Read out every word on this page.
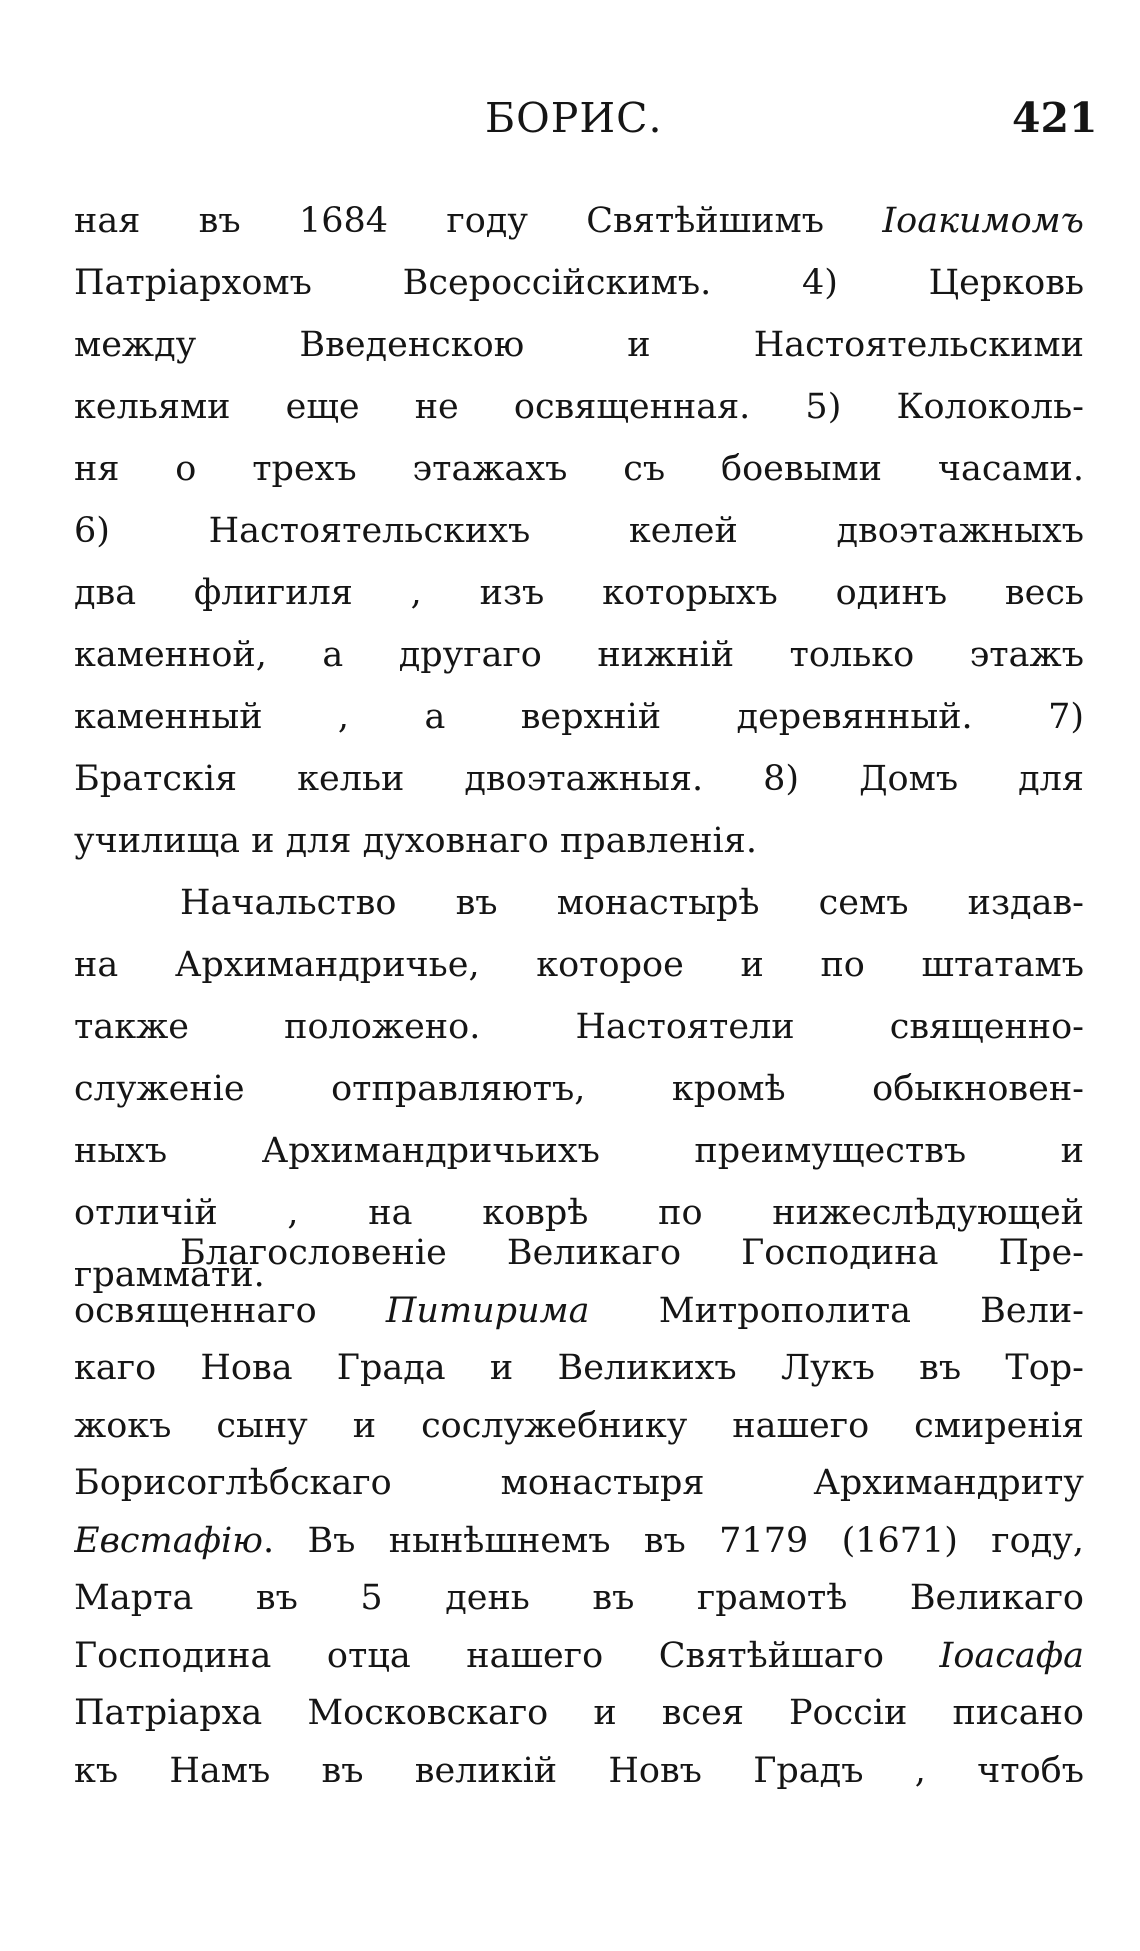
БОРИС.	421
ная въ 1684 году Святѣйшимъ Іоакимомъ
Патріархомъ Всероссійскимъ. 4) Церковь
между Введенскою и Настоятельскими
кельями еще не освященная. 5) Колоколь-
ня о трехъ этажахъ съ боевыми часами.
6) Настоятельскихъ келей двоэтажныхъ
два флигиля , изъ которыхъ одинъ весь
каменной, а другаго нижній только этажъ
каменный , а верхній деревянный. 7)
Братскія кельи двоэтажныя. 8) Домъ для
училища и для духовнаго правленія.
Начальство въ монастырѣ семъ издав-
на Архимандричье, которое и по штатамъ
также положено. Настоятели священно-
служеніе отправляютъ, кромѣ обыкновен-
ныхъ Архимандричьихъ преимуществъ и
отличій , на коврѣ по нижеслѣдующей
граммати.
Благословеніе Великаго Господина Пре-
освященнаго Питирима Митрополита Вели-
каго Нова Града и Великихъ Лукъ въ Тор-
жокъ сыну и сослужебнику нашего смиренія
Борисоглѣбскаго монастыря Архимандриту
Евстафію. Въ нынѣшнемъ въ 7179 (1671) году,
Марта въ 5 день въ грамотѣ Великаго
Господина отца нашего Святѣйшаго Іоасафа
Патріарха Московскаго и всея Россіи писано
къ Намъ въ великій Новъ Градъ , чтобъ
